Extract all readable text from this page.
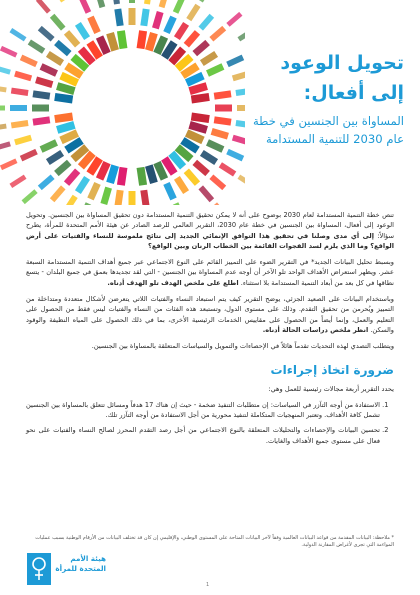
تحويل الوعود
إلى أفعال:

المساواة بين الجنسين في خطة

عام 2030 للتنمية المستدامة

تنص خطة التنمية المستدامة لعام 2030 بوضوح على أنه لا يمكن تحقيق التنمية المستدامة دون تحقيق المساواة بين الجنسين. وتحويل الوعود إلى أفعال، المساواة بين الجنسين في خطة عام 2030، التقرير العالمي للرصد الصادر عن هيئة الأمم المتحدة للمرأة، يطرح سؤالاً: إلى أي مدى وصلنا في تحقيق هذا التوافق الإنمائي الجديد إلى نتائج ملموسة للنساء والفتيات على أرض الواقع؟ وما الذي يلزم لسد الفجوات القائمة بين الخطاب الرنان وبين الواقع؟

وبسبط تحليل البيانات الجديد* في التقرير الضوء على التمييز القائم على النوع الاجتماعي عبر جميع أهداف التنمية المستدامة السبعة عشر. ويظهر استعراض الأهداف الواحد تلو الآخر أن أوجه عدم المساواة بين الجنسين - التي لقد تجديدها بعمق في جميع البلدان - يتسع نطاقها في كل بعد من أبعاد التنمية المستدامة بلا استثناء. اطلع على ملخص الهدف تلو الهدف أدناه.

وباستخدام البيانات على الصعيد الجزئي، يوضح التقرير كيف يتم استبعاد النساء والفتيات اللاتي يتعرضن لأشكال متعددة ومتداخلة من التمييز ويُحرمن من تحقيق التقدم. وذلك على مستوى الدول، وتستبعد هذه الفئات من النساء والفتيات ليس فقط من الحصول على التعليم والعمل، وإنما أيضاً من الحصول على مقاييس الخدمات الرئيسية الأخرى، بما في ذلك الحصول على المياه النظيفة والوقود والسكن. انظر ملخص دراسات الحالة أدناه.

ويتطلب التصدي لهذه التحديات تقدماً هائلاً في الإحصاءات والتمويل والسياسات المتعلقة بالمساواة بين الجنسين.

ضرورة اتخاذ إجراءات

يحدد التقرير أربعة مجالات رئيسية للعمل وهي:

1. الاستفادة من أوجه التآزر في السياسات: إن متطلبات التنفيذ ضخمة - حيث إن هناك 17 هدفاً ومسائل تتعلق بالمساواة بين الجنسين تشمل كافة الأهداف. وتعتبر المنهجيات المتكاملة لتنفيذ محورية من أجل الاستفادة من أوجه التآزر تلك.
2. تحسين البيانات والإحصاءات والتحليلات المتعلقة بالنوع الاجتماعي من أجل رصد التقدم المحرز لصالح النساء والفتيات على نحو فعال على مستوى جميع الأهداف والغايات.
* ملاحظة: البيانات المقدمة من قواعد البيانات العالمية وفقاً لآخر البيانات المتاحة على المستوى الوطني، والإقليمي إن كان قد تختلف البيانات من الأرقام الوطنية بسبب عمليات المواءمة التي تجرى لأغراض المقارنة الدولية.
هيئة الأمم
المتحدة للمرأة
1
